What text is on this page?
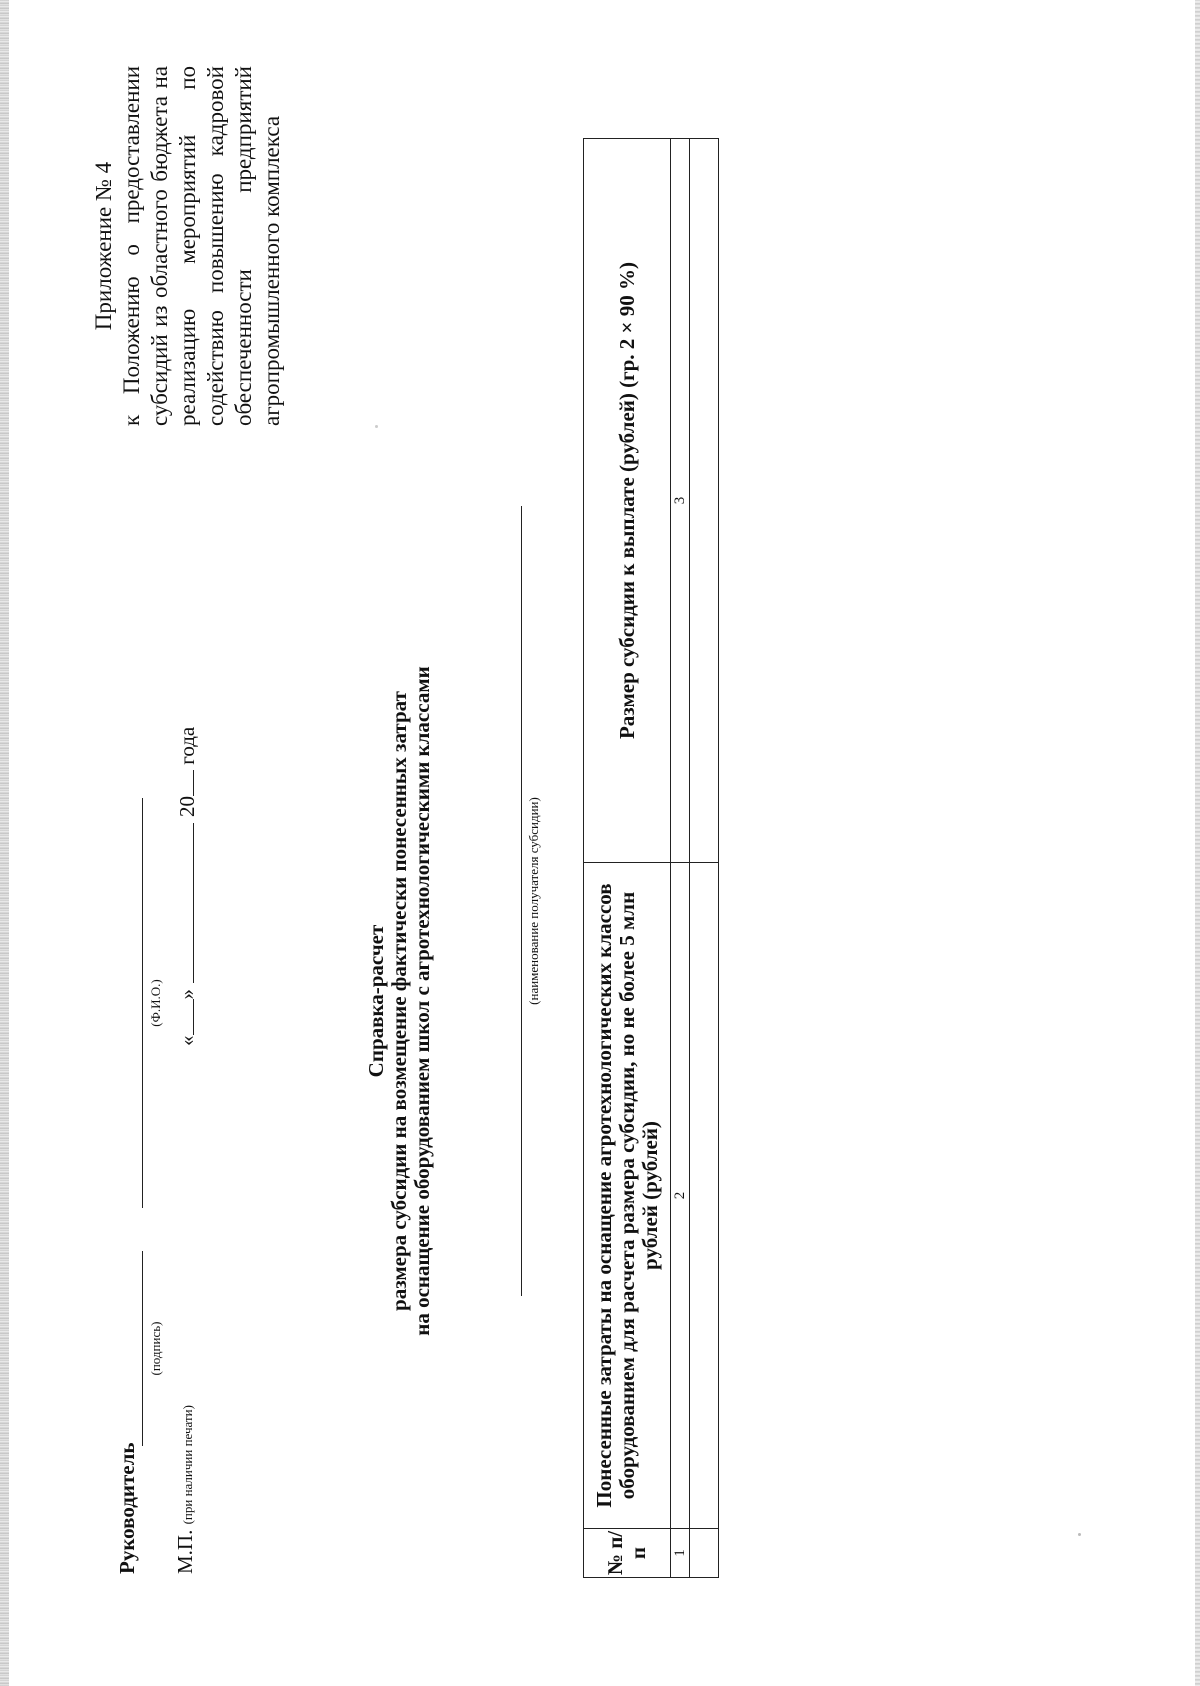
Приложение № 4 к Положению о предоставлении субсидий из областного бюджета на реализацию мероприятий по содействию повышению кадровой обеспеченности предприятий агропромышленного комплекса
Справка-расчет размера субсидии на возмещение фактически понесенных затрат на оснащение оборудованием школ с агротехнологическими классами	(наименование получателя субсидии)
№ п/п	Понесенные затраты на оснащение агротехнологических классов оборудованием для расчета размера субсидии, но не более 5 млн рублей (рублей)	Размер субсидии к выплате (рублей) (гр. 2 × 90 %)
1	2	3

Руководитель
(подпись)
(Ф.И.О.)
М.П. (при наличии печати)
«»20 года
